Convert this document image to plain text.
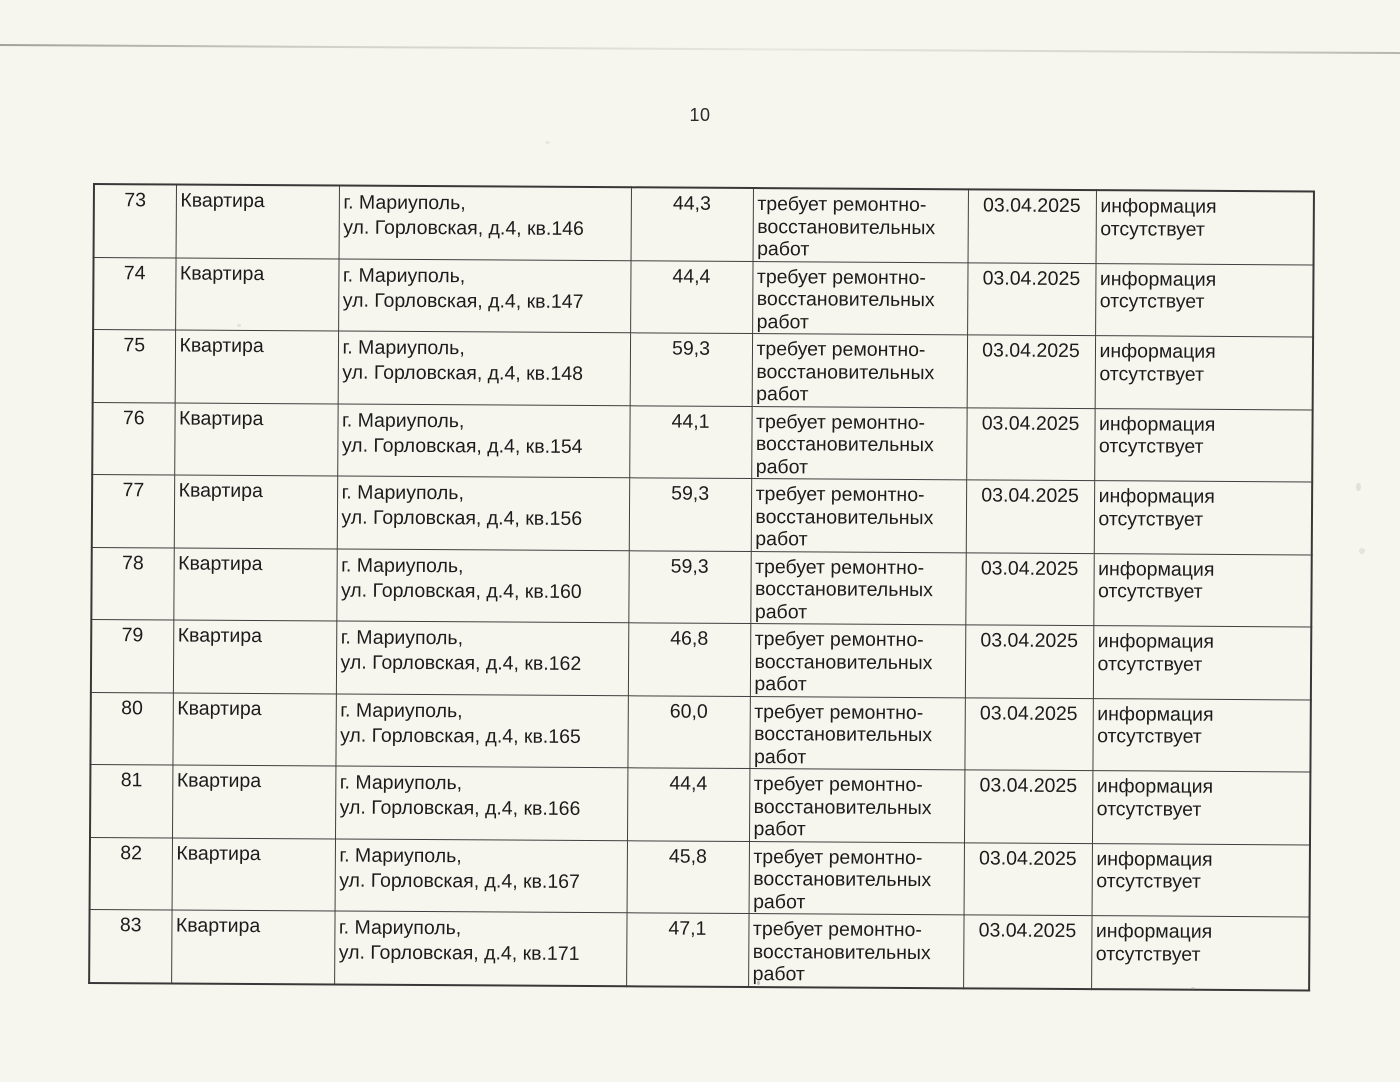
10
73	Квартира	г. Мариуполь,
ул. Горловская, д.4, кв.146	44,3	требует ремонтно-восстановительных работ	03.04.2025	информация отсутствует
74	Квартира	г. Мариуполь,
ул. Горловская, д.4, кв.147	44,4	требует ремонтно-восстановительных работ	03.04.2025	информация отсутствует
75	Квартира	г. Мариуполь,
ул. Горловская, д.4, кв.148	59,3	требует ремонтно-восстановительных работ	03.04.2025	информация отсутствует
76	Квартира	г. Мариуполь,
ул. Горловская, д.4, кв.154	44,1	требует ремонтно-восстановительных работ	03.04.2025	информация отсутствует
77	Квартира	г. Мариуполь,
ул. Горловская, д.4, кв.156	59,3	требует ремонтно-восстановительных работ	03.04.2025	информация отсутствует
78	Квартира	г. Мариуполь,
ул. Горловская, д.4, кв.160	59,3	требует ремонтно-восстановительных работ	03.04.2025	информация отсутствует
79	Квартира	г. Мариуполь,
ул. Горловская, д.4, кв.162	46,8	требует ремонтно-восстановительных работ	03.04.2025	информация отсутствует
80	Квартира	г. Мариуполь,
ул. Горловская, д.4, кв.165	60,0	требует ремонтно-восстановительных работ	03.04.2025	информация отсутствует
81	Квартира	г. Мариуполь,
ул. Горловская, д.4, кв.166	44,4	требует ремонтно-восстановительных работ	03.04.2025	информация отсутствует
82	Квартира	г. Мариуполь,
ул. Горловская, д.4, кв.167	45,8	требует ремонтно-восстановительных работ	03.04.2025	информация отсутствует
83	Квартира	г. Мариуполь,
ул. Горловская, д.4, кв.171	47,1	требует ремонтно-восстановительных работ	03.04.2025	информация отсутствует
